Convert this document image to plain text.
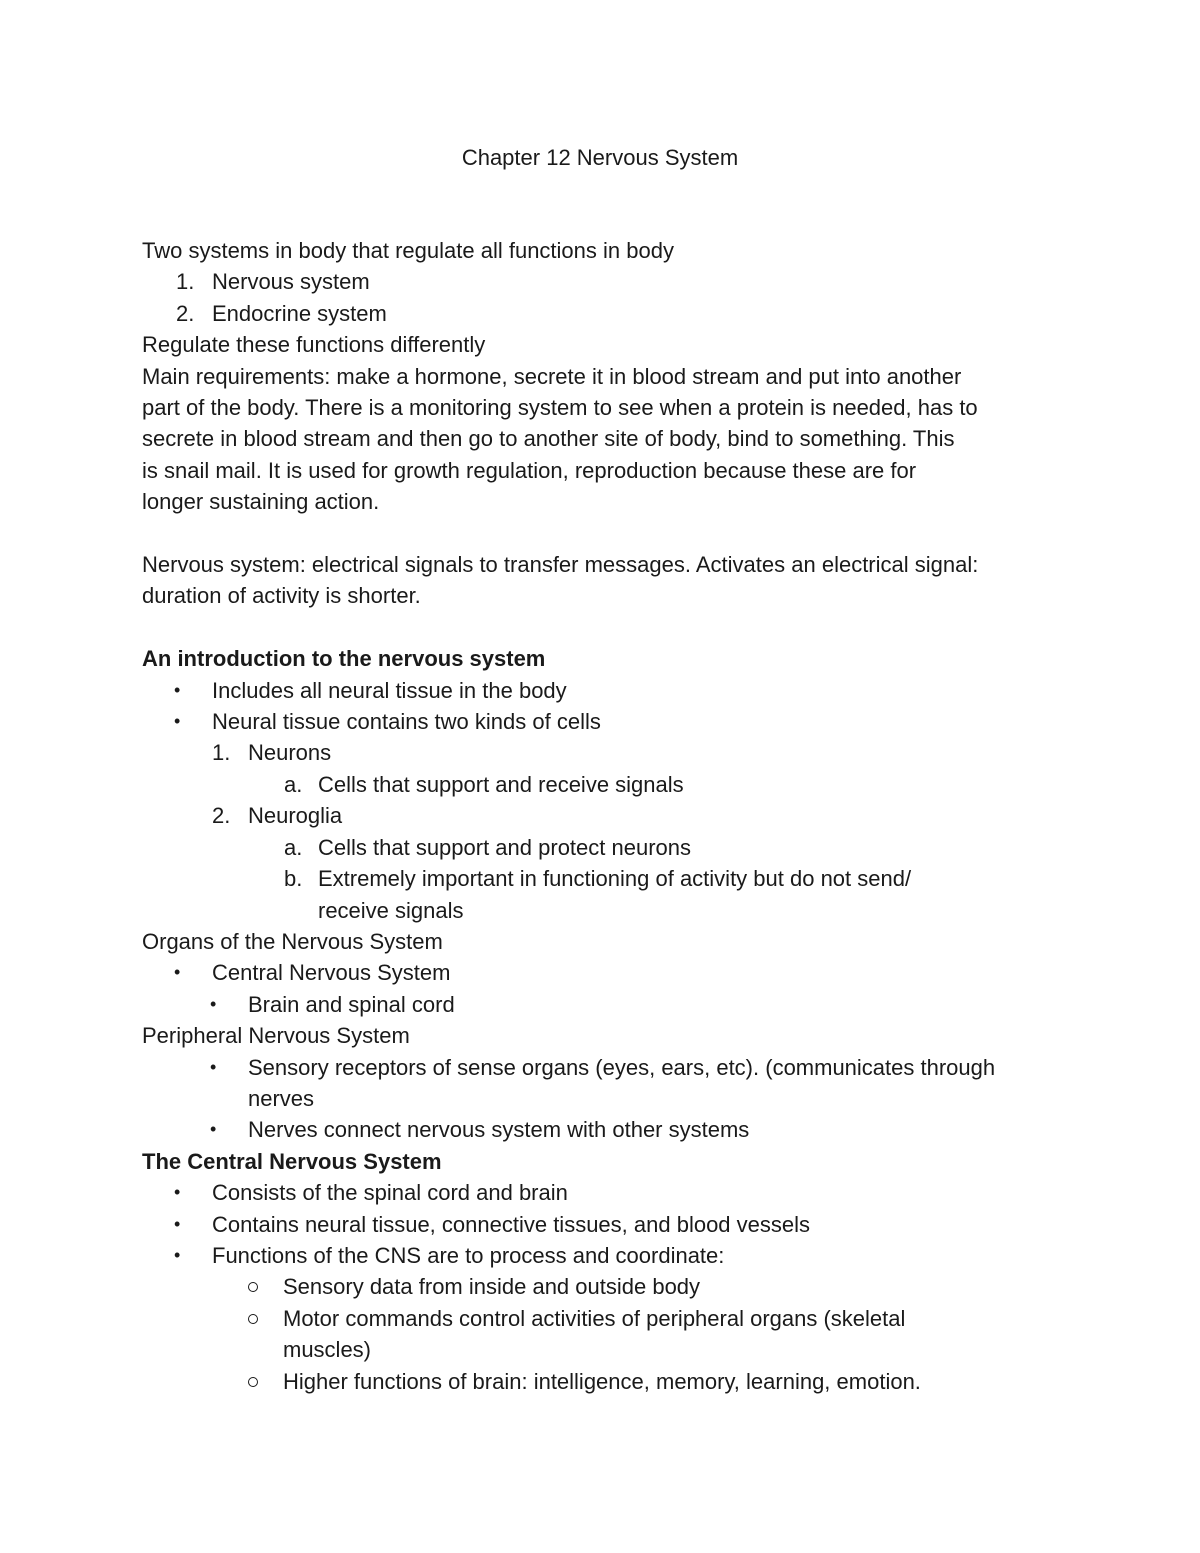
Chapter 12 Nervous System

Two systems in body that regulate all functions in body

1. Nervous system

2. Endocrine system

Regulate these functions differently

Main requirements: make a hormone, secrete it in blood stream and put into another

part of the body. There is a monitoring system to see when a protein is needed, has to

secrete in blood stream and then go to another site of body, bind to something. This

is snail mail. It is used for growth regulation, reproduction because these are for

longer sustaining action.

Nervous system: electrical signals to transfer messages. Activates an electrical signal:

duration of activity is shorter.

An introduction to the nervous system

• Includes all neural tissue in the body

• Neural tissue contains two kinds of cells

1. Neurons

a. Cells that support and receive signals

2. Neuroglia

a. Cells that support and protect neurons

b. Extremely important in functioning of activity but do not send/

receive signals

Organs of the Nervous System

• Central Nervous System

• Brain and spinal cord

Peripheral Nervous System

• Sensory receptors of sense organs (eyes, ears, etc). (communicates through

nerves

• Nerves connect nervous system with other systems

The Central Nervous System

• Consists of the spinal cord and brain

• Contains neural tissue, connective tissues, and blood vessels

• Functions of the CNS are to process and coordinate:

Sensory data from inside and outside body

Motor commands control activities of peripheral organs (skeletal

muscles)

Higher functions of brain: intelligence, memory, learning, emotion.
